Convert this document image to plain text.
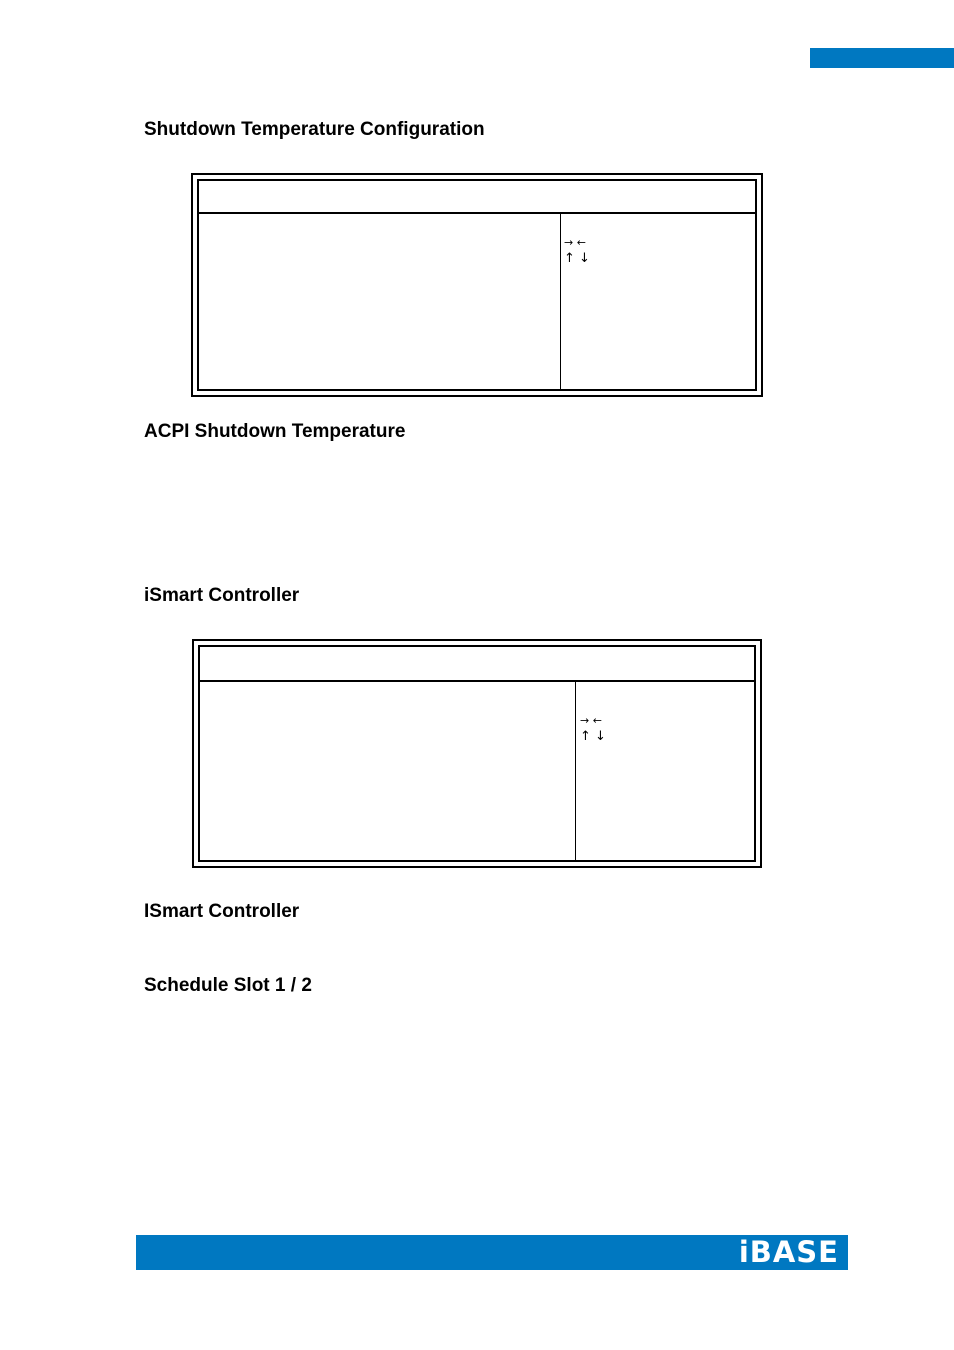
Shutdown Temperature Configuration
→ ←
↑ ↓
ACPI Shutdown Temperature
iSmart Controller
→ ←
↑ ↓
ISmart Controller
Schedule Slot 1 / 2
iBASE
